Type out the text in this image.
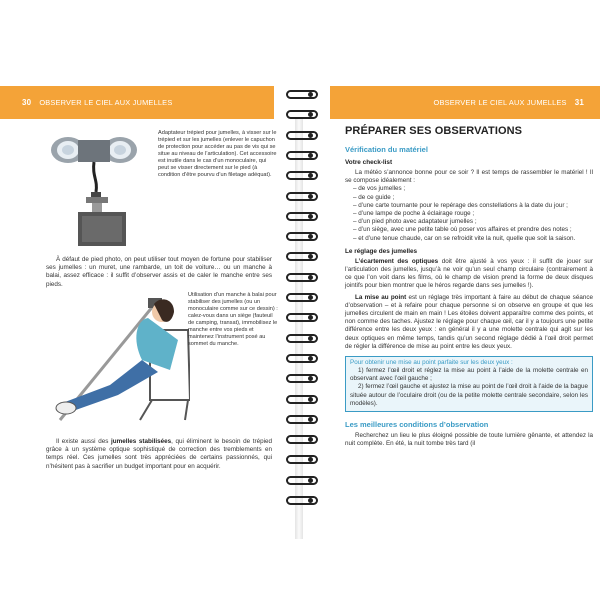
30 OBSERVER LE CIEL AUX JUMELLES	OBSERVER LE CIEL AUX JUMELLES 31
Adaptateur trépied pour jumelles, à visser sur le trépied et sur les jumelles (enlever le capuchon de protection pour accéder au pas de vis qui se situe au niveau de l’articulation). Cet accessoire est inutile dans le cas d’un monoculaire, qui peut se visser directement sur le pied (à condition d’être pourvu d’un filetage adéquat).
À défaut de pied photo, on peut utiliser tout moyen de fortune pour stabiliser ses jumelles : un muret, une rambarde, un toit de voiture… ou un manche à balai, assez efficace : il suffit d’observer assis et de caler le manche entre ses pieds.
Utilisation d’un manche à balai pour stabiliser des jumelles (ou un monoculaire comme sur ce dessin) : calez-vous dans un siège (fauteuil de camping, transat), immobilisez le manche entre vos pieds et maintenez l’instrument posé au sommet du manche.
Il existe aussi des jumelles stabilisées, qui éliminent le besoin de trépied grâce à un système optique sophistiqué de correction des tremblements en temps réel. Ces jumelles sont très appréciées de certains passionnés, qui n’hésitent pas à sacrifier un budget important pour en acquérir.
PRÉPARER SES OBSERVATIONS
Vérification du matériel
Votre check-list
La météo s’annonce bonne pour ce soir ? Il est temps de rassembler le matériel ! Il se compose idéalement :
– de vos jumelles ;
– de ce guide ;
– d’une carte tournante pour le repérage des constellations à la date du jour ;
– d’une lampe de poche à éclairage rouge ;
– d’un pied photo avec adaptateur jumelles ;
– d’un siège, avec une petite table où poser vos affaires et prendre des notes ;
– et d’une tenue chaude, car on se refroidit vite la nuit, quelle que soit la saison.
Le réglage des jumelles
L’écartement des optiques doit être ajusté à vos yeux : il suffit de jouer sur l’articulation des jumelles, jusqu’à ne voir qu’un seul champ circulaire (contrairement à ce que l’on voit dans les films, où le champ de vision prend la forme de deux disques jointifs pour bien montrer que le héros regarde dans ses jumelles !).
La mise au point est un réglage très important à faire au début de chaque séance d’observation – et à refaire pour chaque personne si on observe en groupe et que les jumelles circulent de main en main ! Les étoiles doivent apparaître comme des points, et non comme des taches. Ajustez le réglage pour chaque œil, car il y a toujours une petite différence entre les deux yeux : en général il y a une molette centrale qui agit sur les deux optiques en même temps, tandis qu’un second réglage dédié à l’œil droit permet de régler la différence de mise au point entre les deux yeux.
Pour obtenir une mise au point parfaite sur les deux yeux :
1) fermez l’œil droit et réglez la mise au point à l’aide de la molette centrale en observant avec l’œil gauche ;
2) fermez l’œil gauche et ajustez la mise au point de l’œil droit à l’aide de la bague située autour de l’oculaire droit (ou de la petite molette centrale secondaire, selon les modèles).
Les meilleures conditions d’observation
Recherchez un lieu le plus éloigné possible de toute lumière gênante, et attendez la nuit complète. En été, la nuit tombe très tard (il
